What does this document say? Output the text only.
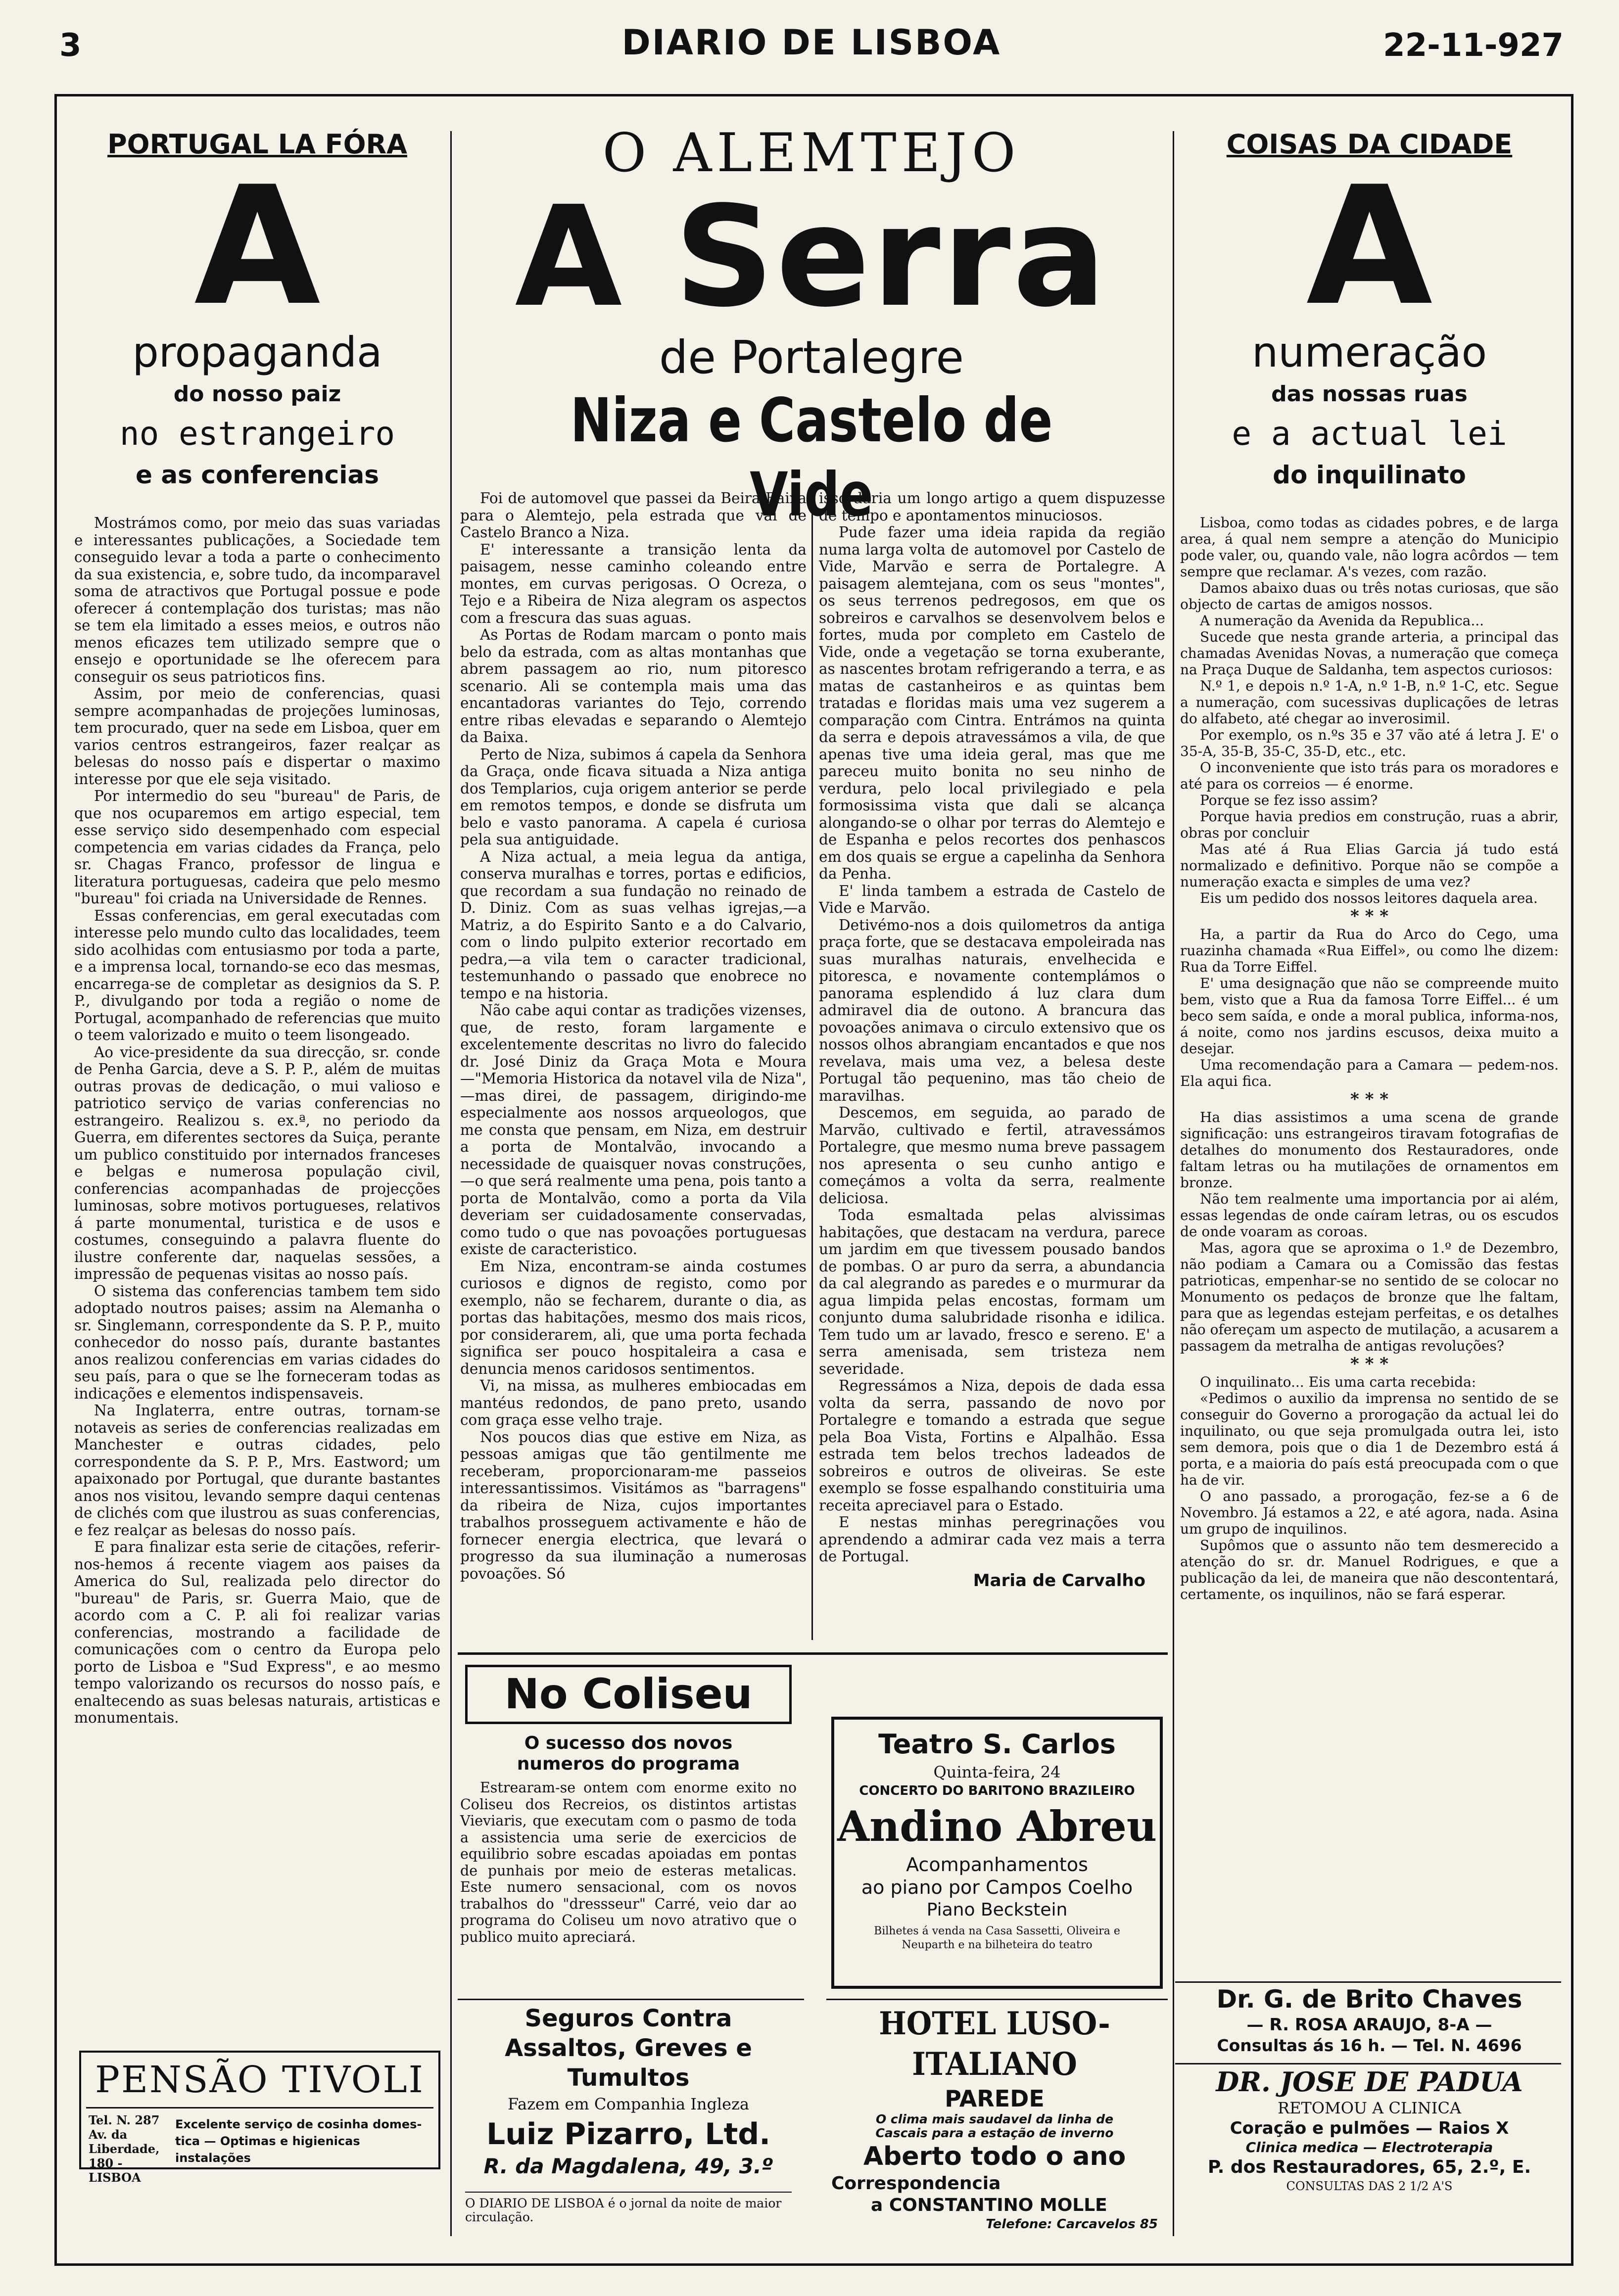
3	DIARIO DE LISBOA	22-11-927
PORTUGAL LA FÓRA
A
propaganda
do nosso paiz
no estrangeiro
e as conferencias

Mostrámos como, por meio das suas variadas e interessantes publicações, a Sociedade tem conseguido levar a toda a parte o conhecimento da sua existencia, e, sobre tudo, da incomparavel soma de atractivos que Portugal possue e pode oferecer á contemplação dos turistas; mas não se tem ela limitado a esses meios, e outros não menos eficazes tem utilizado sempre que o ensejo e oportunidade se lhe oferecem para conseguir os seus patrioticos fins.

Assim, por meio de conferencias, quasi sempre acompanhadas de projeções luminosas, tem procurado, quer na sede em Lisboa, quer em varios centros estrangeiros, fazer realçar as belesas do nosso país e dispertar o maximo interesse por que ele seja visitado.

Por intermedio do seu "bureau" de Paris, de que nos ocuparemos em artigo especial, tem esse serviço sido desempenhado com especial competencia em varias cidades da França, pelo sr. Chagas Franco, professor de lingua e literatura portuguesas, cadeira que pelo mesmo "bureau" foi criada na Universidade de Rennes.

Essas conferencias, em geral executadas com interesse pelo mundo culto das localidades, teem sido acolhidas com entusiasmo por toda a parte, e a imprensa local, tornando-se eco das mesmas, encarrega-se de completar as designios da S. P. P., divulgando por toda a região o nome de Portugal, acompanhado de referencias que muito o teem valorizado e muito o teem lisongeado.

Ao vice-presidente da sua direcção, sr. conde de Penha Garcia, deve a S. P. P., além de muitas outras provas de dedicação, o mui valioso e patriotico serviço de varias conferencias no estrangeiro. Realizou s. ex.ª, no periodo da Guerra, em diferentes sectores da Suiça, perante um publico constituido por internados franceses e belgas e numerosa população civil, conferencias acompanhadas de projecções luminosas, sobre motivos portugueses, relativos á parte monumental, turistica e de usos e costumes, conseguindo a palavra fluente do ilustre conferente dar, naquelas sessões, a impressão de pequenas visitas ao nosso país.

O sistema das conferencias tambem tem sido adoptado noutros paises; assim na Alemanha o sr. Singlemann, correspondente da S. P. P., muito conhecedor do nosso país, durante bastantes anos realizou conferencias em varias cidades do seu país, para o que se lhe forneceram todas as indicações e elementos indispensaveis.

Na Inglaterra, entre outras, tornam-se notaveis as series de conferencias realizadas em Manchester e outras cidades, pelo correspondente da S. P. P., Mrs. Eastword; um apaixonado por Portugal, que durante bastantes anos nos visitou, levando sempre daqui centenas de clichés com que ilustrou as suas conferencias, e fez realçar as belesas do nosso país.

E para finalizar esta serie de citações, referir-nos-hemos á recente viagem aos paises da America do Sul, realizada pelo director do "bureau" de Paris, sr. Guerra Maio, que de acordo com a C. P. ali foi realizar varias conferencias, mostrando a facilidade de comunicações com o centro da Europa pelo porto de Lisboa e "Sud Express", e ao mesmo tempo valorizando os recursos do nosso país, e enaltecendo as suas belesas naturais, artisticas e monumentais.

PENSÃO TIVOLI
Tel. N. 287
Av. da Liberdade,
180 - LISBOA
Excelente serviço de cosinha domes-
tica — Optimas e higienicas instalações
O ALEMTEJO
A Serra
de Portalegre
Niza e Castelo de Vide

Foi de automovel que passei da Beira Baixa para o Alemtejo, pela estrada que vai de Castelo Branco a Niza.

E' interessante a transição lenta da paisagem, nesse caminho coleando entre montes, em curvas perigosas. O Ocreza, o Tejo e a Ribeira de Niza alegram os aspectos com a frescura das suas aguas.

As Portas de Rodam marcam o ponto mais belo da estrada, com as altas montanhas que abrem passagem ao rio, num pitoresco scenario. Ali se contempla mais uma das encantadoras variantes do Tejo, correndo entre ribas elevadas e separando o Alemtejo da Baixa.

Perto de Niza, subimos á capela da Senhora da Graça, onde ficava situada a Niza antiga dos Templarios, cuja origem anterior se perde em remotos tempos, e donde se disfruta um belo e vasto panorama. A capela é curiosa pela sua antiguidade.

A Niza actual, a meia legua da antiga, conserva muralhas e torres, portas e edificios, que recordam a sua fundação no reinado de D. Diniz. Com as suas velhas igrejas,—a Matriz, a do Espirito Santo e a do Calvario, com o lindo pulpito exterior recortado em pedra,—a vila tem o caracter tradicional, testemunhando o passado que enobrece no tempo e na historia.

Não cabe aqui contar as tradições vizenses, que, de resto, foram largamente e excelentemente descritas no livro do falecido dr. José Diniz da Graça Mota e Moura—"Memoria Historica da notavel vila de Niza",—mas direi, de passagem, dirigindo-me especialmente aos nossos arqueologos, que me consta que pensam, em Niza, em destruir a porta de Montalvão, invocando a necessidade de quaisquer novas construções,—o que será realmente uma pena, pois tanto a porta de Montalvão, como a porta da Vila deveriam ser cuidadosamente conservadas, como tudo o que nas povoações portuguesas existe de caracteristico.

Em Niza, encontram-se ainda costumes curiosos e dignos de registo, como por exemplo, não se fecharem, durante o dia, as portas das habitações, mesmo dos mais ricos, por considerarem, ali, que uma porta fechada significa ser pouco hospitaleira a casa e denuncia menos caridosos sentimentos.

Vi, na missa, as mulheres embiocadas em mantéus redondos, de pano preto, usando com graça esse velho traje.

Nos poucos dias que estive em Niza, as pessoas amigas que tão gentilmente me receberam, proporcionaram-me passeios interessantissimos. Visitámos as "barragens" da ribeira de Niza, cujos importantes trabalhos prosseguem activamente e hão de fornecer energia electrica, que levará o progresso da sua iluminação a numerosas povoações. Só

isso daria um longo artigo a quem dispuzesse de tempo e apontamentos minuciosos.

Pude fazer uma ideia rapida da região numa larga volta de automovel por Castelo de Vide, Marvão e serra de Portalegre. A paisagem alemtejana, com os seus "montes", os seus terrenos pedregosos, em que os sobreiros e carvalhos se desenvolvem belos e fortes, muda por completo em Castelo de Vide, onde a vegetação se torna exuberante, as nascentes brotam refrigerando a terra, e as matas de castanheiros e as quintas bem tratadas e floridas mais uma vez sugerem a comparação com Cintra. Entrámos na quinta da serra e depois atravessámos a vila, de que apenas tive uma ideia geral, mas que me pareceu muito bonita no seu ninho de verdura, pelo local privilegiado e pela formosissima vista que dali se alcança alongando-se o olhar por terras do Alemtejo e de Espanha e pelos recortes dos penhascos em dos quais se ergue a capelinha da Senhora da Penha.

E' linda tambem a estrada de Castelo de Vide e Marvão.

Detivémo-nos a dois quilometros da antiga praça forte, que se destacava empoleirada nas suas muralhas naturais, envelhecida e pitoresca, e novamente contemplámos o panorama esplendido á luz clara dum admiravel dia de outono. A brancura das povoações animava o circulo extensivo que os nossos olhos abrangiam encantados e que nos revelava, mais uma vez, a belesa deste Portugal tão pequenino, mas tão cheio de maravilhas.

Descemos, em seguida, ao parado de Marvão, cultivado e fertil, atravessámos Portalegre, que mesmo numa breve passagem nos apresenta o seu cunho antigo e começámos a volta da serra, realmente deliciosa.

Toda esmaltada pelas alvissimas habitações, que destacam na verdura, parece um jardim em que tivessem pousado bandos de pombas. O ar puro da serra, a abundancia da cal alegrando as paredes e o murmurar da agua limpida pelas encostas, formam um conjunto duma salubridade risonha e idilica. Tem tudo um ar lavado, fresco e sereno. E' a serra amenisada, sem tristeza nem severidade.

Regressámos a Niza, depois de dada essa volta da serra, passando de novo por Portalegre e tomando a estrada que segue pela Boa Vista, Fortins e Alpalhão. Essa estrada tem belos trechos ladeados de sobreiros e outros de oliveiras. Se este exemplo se fosse espalhando constituiria uma receita apreciavel para o Estado.

E nestas minhas peregrinações vou aprendendo a admirar cada vez mais a terra de Portugal.

Maria de Carvalho
No Coliseu
O sucesso dos novos numeros do programa

Estrearam-se ontem com enorme exito no Coliseu dos Recreios, os distintos artistas Vieviaris, que executam com o pasmo de toda a assistencia uma serie de exercicios de equilibrio sobre escadas apoiadas em pontas de punhais por meio de esteras metalicas. Este numero sensacional, com os novos trabalhos do "dressseur" Carré, veio dar ao programa do Coliseu um novo atrativo que o publico muito apreciará.

Seguros Contra Assaltos, Greves e Tumultos
Fazem em Companhia Ingleza
Luiz Pizarro, Ltd.
R. da Magdalena, 49, 3.º
O DIARIO DE LISBOA é o jornal da noite de maior circulação.
Teatro S. Carlos
Quinta-feira, 24
CONCERTO DO BARITONO BRAZILEIRO
Andino Abreu
Acompanhamentos
ao piano por Campos Coelho
Piano Beckstein
Bilhetes á venda na Casa Sassetti, Oliveira e Neuparth e na bilheteira do teatro
HOTEL LUSO-ITALIANO
PAREDE
O clima mais saudavel da linha de Cascais para a estação de inverno
Aberto todo o ano
Correspondencia
a CONSTANTINO MOLLE
Telefone: Carcavelos 85
COISAS DA CIDADE
A
numeração
das nossas ruas
e a actual lei
do inquilinato

Lisboa, como todas as cidades pobres, e de larga area, á qual nem sempre a atenção do Municipio pode valer, ou, quando vale, não logra acôrdos — tem sempre que reclamar. A's vezes, com razão.

Damos abaixo duas ou três notas curiosas, que são objecto de cartas de amigos nossos.

A numeração da Avenida da Republica...

Sucede que nesta grande arteria, a principal das chamadas Avenidas Novas, a numeração que começa na Praça Duque de Saldanha, tem aspectos curiosos:

N.º 1, e depois n.º 1-A, n.º 1-B, n.º 1-C, etc. Segue a numeração, com sucessivas duplicações de letras do alfabeto, até chegar ao inverosimil.

Por exemplo, os n.ºs 35 e 37 vão até á letra J. E' o 35-A, 35-B, 35-C, 35-D, etc., etc.

O inconveniente que isto trás para os moradores e até para os correios — é enorme.

Porque se fez isso assim?

Porque havia predios em construção, ruas a abrir, obras por concluir

Mas até á Rua Elias Garcia já tudo está normalizado e definitivo. Porque não se compõe a numeração exacta e simples de uma vez?

Eis um pedido dos nossos leitores daquela area.

* * *

Ha, a partir da Rua do Arco do Cego, uma ruazinha chamada «Rua Eiffel», ou como lhe dizem: Rua da Torre Eiffel.

E' uma designação que não se compreende muito bem, visto que a Rua da famosa Torre Eiffel... é um beco sem saída, e onde a moral publica, informa-nos, á noite, como nos jardins escusos, deixa muito a desejar.

Uma recomendação para a Camara — pedem-nos. Ela aqui fica.

* * *

Ha dias assistimos a uma scena de grande significação: uns estrangeiros tiravam fotografias de detalhes do monumento dos Restauradores, onde faltam letras ou ha mutilações de ornamentos em bronze.

Não tem realmente uma importancia por ai além, essas legendas de onde caíram letras, ou os escudos de onde voaram as coroas.

Mas, agora que se aproxima o 1.º de Dezembro, não podiam a Camara ou a Comissão das festas patrioticas, empenhar-se no sentido de se colocar no Monumento os pedaços de bronze que lhe faltam, para que as legendas estejam perfeitas, e os detalhes não ofereçam um aspecto de mutilação, a acusarem a passagem da metralha de antigas revoluções?

* * *

O inquilinato... Eis uma carta recebida:

«Pedimos o auxilio da imprensa no sentido de se conseguir do Governo a prorogação da actual lei do inquilinato, ou que seja promulgada outra lei, isto sem demora, pois que o dia 1 de Dezembro está á porta, e a maioria do país está preocupada com o que ha de vir.

O ano passado, a prorogação, fez-se a 6 de Novembro. Já estamos a 22, e até agora, nada. Asina um grupo de inquilinos.

Supômos que o assunto não tem desmerecido a atenção do sr. dr. Manuel Rodrigues, e que a publicação da lei, de maneira que não descontentará, certamente, os inquilinos, não se fará esperar.

Dr. G. de Brito Chaves
— R. ROSA ARAUJO, 8-A —
Consultas ás 16 h. — Tel. N. 4696
DR. JOSE DE PADUA
RETOMOU A CLINICA
Coração e pulmões — Raios X
Clinica medica — Electroterapia
P. dos Restauradores, 65, 2.º, E.
CONSULTAS DAS 2 1/2 A'S
